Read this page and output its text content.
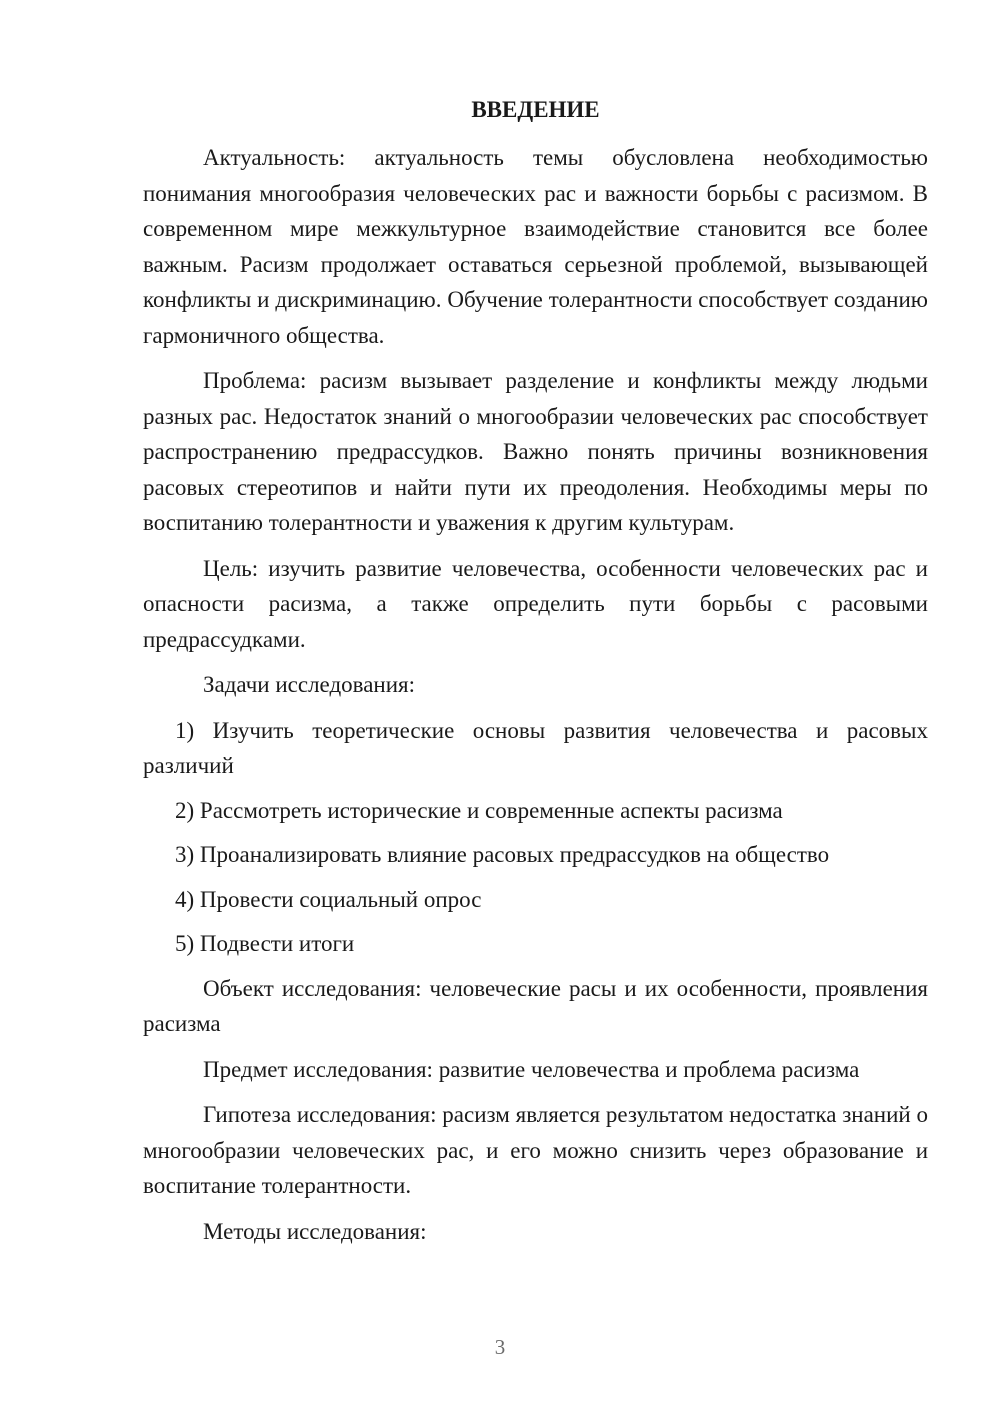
ВВЕДЕНИЕ

Актуальность: актуальность темы обусловлена необходимостью понимания многообразия человеческих рас и важности борьбы с расизмом. В современном мире межкультурное взаимодействие становится все более важным. Расизм продолжает оставаться серьезной проблемой, вызывающей конфликты и дискриминацию. Обучение толерантности способствует созданию гармоничного общества.

Проблема: расизм вызывает разделение и конфликты между людьми разных рас. Недостаток знаний о многообразии человеческих рас способствует распространению предрассудков. Важно понять причины возникновения расовых стереотипов и найти пути их преодоления. Необходимы меры по воспитанию толерантности и уважения к другим культурам.

Цель: изучить развитие человечества, особенности человеческих рас и опасности расизма, а также определить пути борьбы с расовыми предрассудками.

Задачи исследования:

1) Изучить теоретические основы развития человечества и расовых различий

2) Рассмотреть исторические и современные аспекты расизма

3) Проанализировать влияние расовых предрассудков на общество

4) Провести социальный опрос

5) Подвести итоги

Объект исследования: человеческие расы и их особенности, проявления расизма

Предмет исследования: развитие человечества и проблема расизма

Гипотеза исследования: расизм является результатом недостатка знаний о многообразии человеческих рас, и его можно снизить через образование и воспитание толерантности.

Методы исследования:

3
